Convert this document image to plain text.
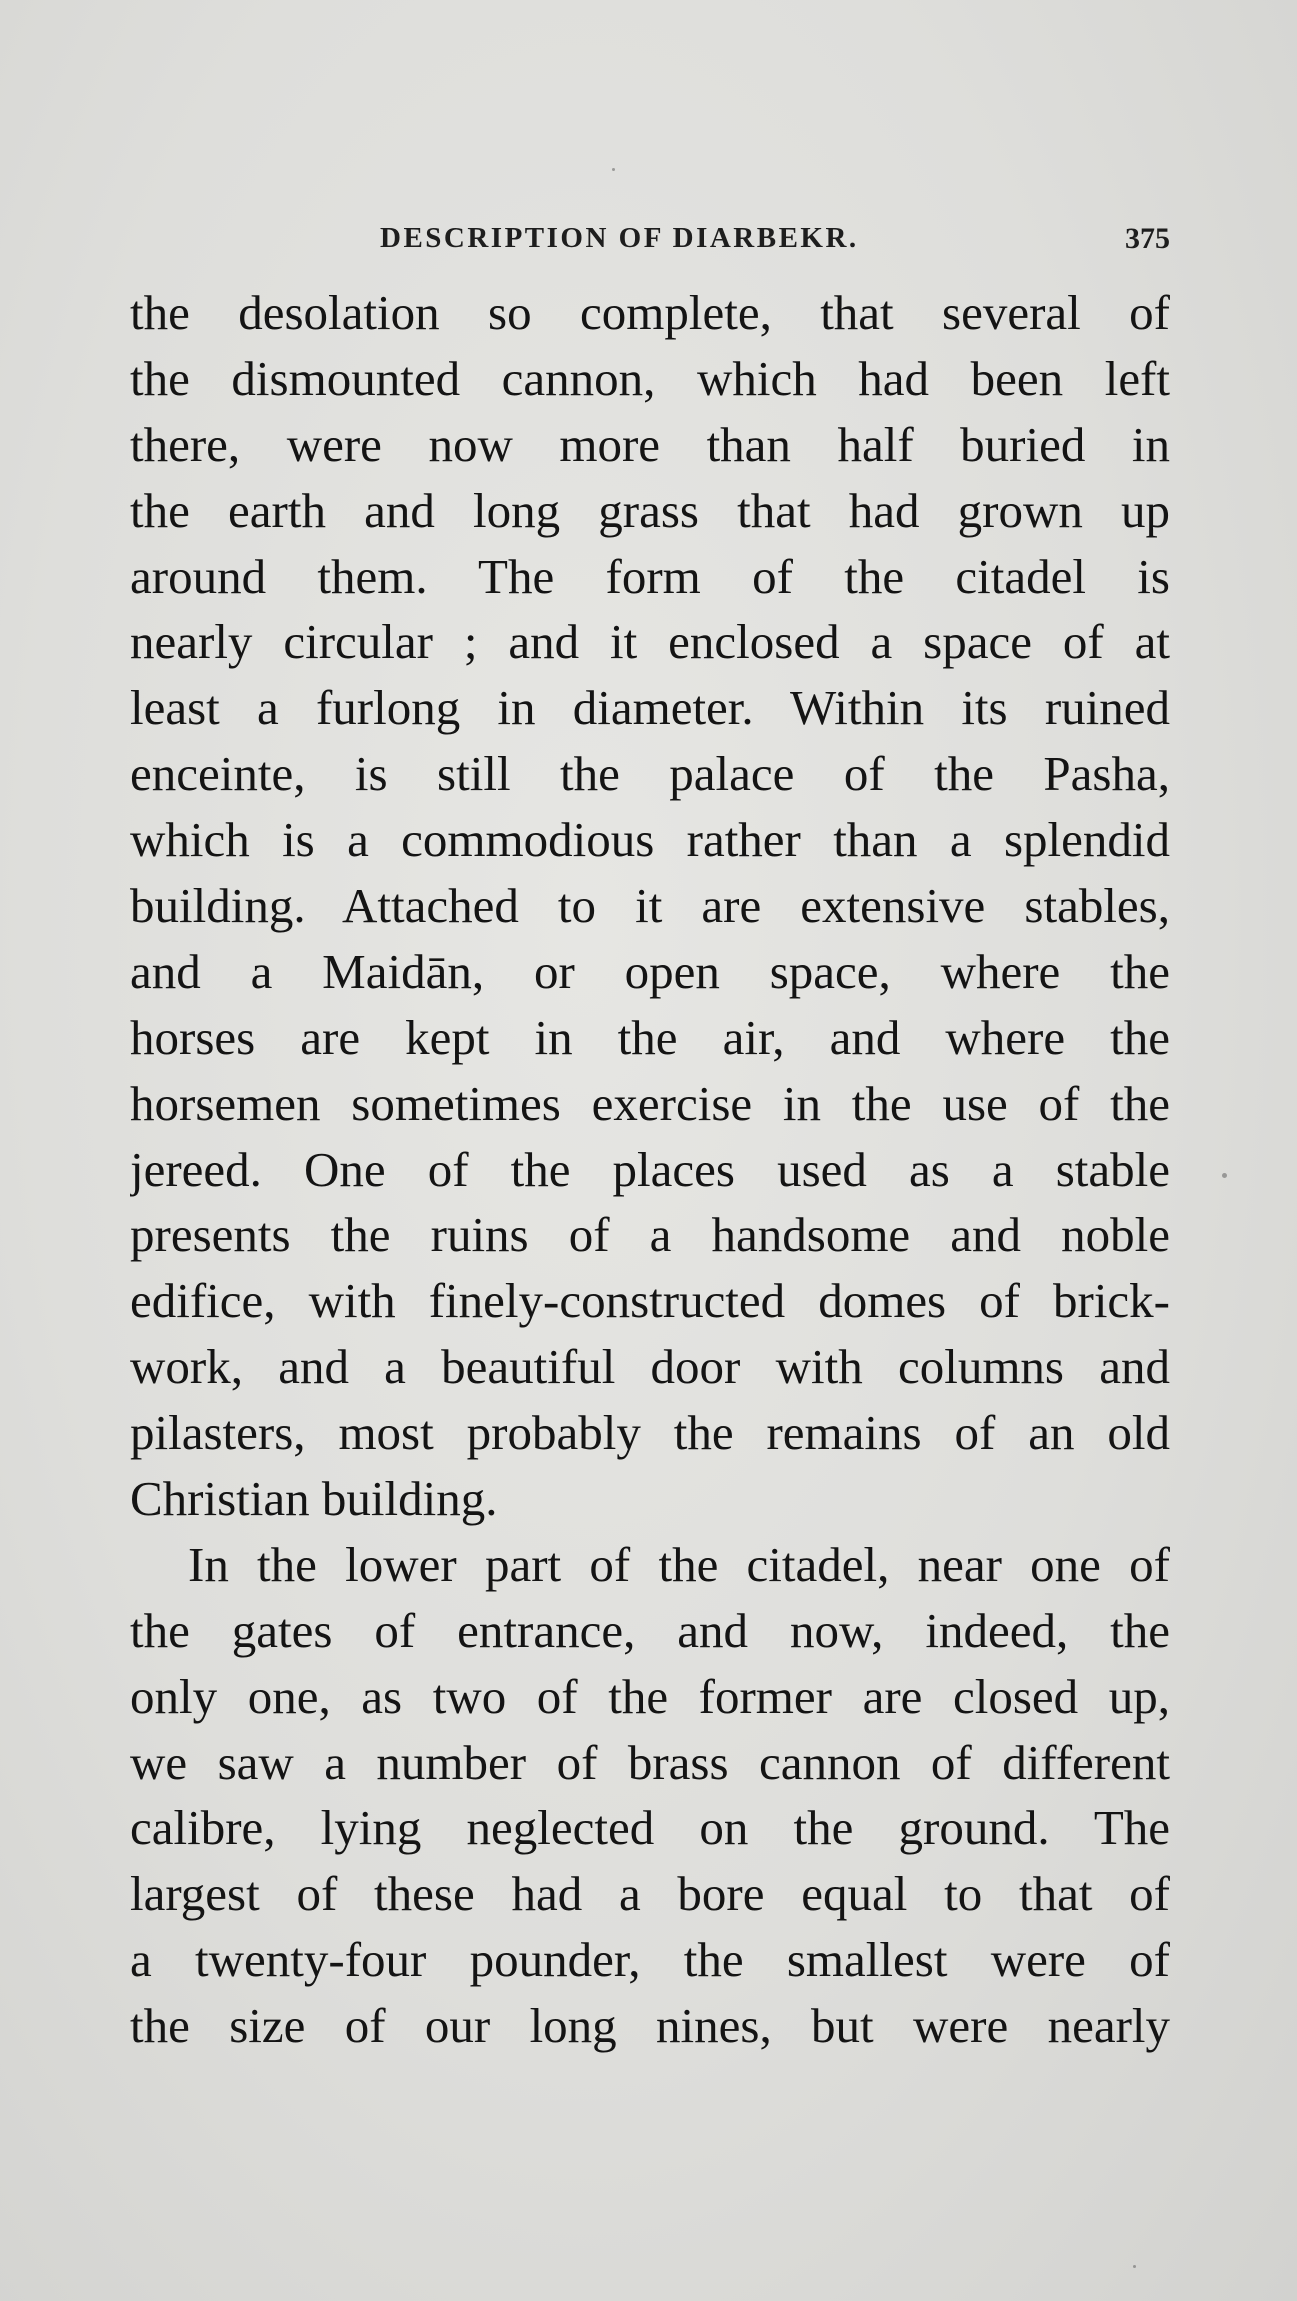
DESCRIPTION OF DIARBEKR.	375
the desolation so complete, that several of
the dismounted cannon, which had been left
there, were now more than half buried in
the earth and long grass that had grown up
around them. The form of the citadel is
nearly circular ; and it enclosed a space of at
least a furlong in diameter. Within its ruined
enceinte, is still the palace of the Pasha,
which is a commodious rather than a splendid
building. Attached to it are extensive stables,
and a Maidān, or open space, where the
horses are kept in the air, and where the
horsemen sometimes exercise in the use of the
jereed. One of the places used as a stable
presents the ruins of a handsome and noble
edifice, with finely-constructed domes of brick-
work, and a beautiful door with columns and
pilasters, most probably the remains of an old
Christian building.
In the lower part of the citadel, near one of
the gates of entrance, and now, indeed, the
only one, as two of the former are closed up,
we saw a number of brass cannon of different
calibre, lying neglected on the ground. The
largest of these had a bore equal to that of
a twenty-four pounder, the smallest were of
the size of our long nines, but were nearly
